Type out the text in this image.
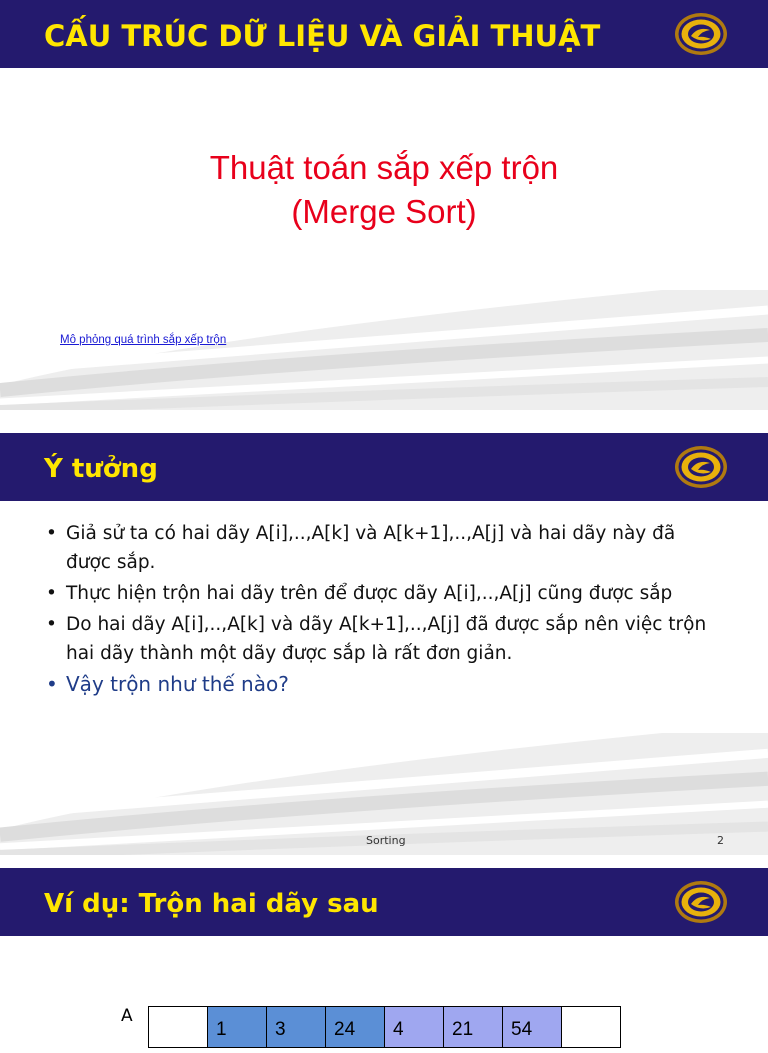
CẤU TRÚC DỮ LIỆU VÀ GIẢI THUẬT
Thuật toán sắp xếp trộn
(Merge Sort)
Mô phỏng quá trình sắp xếp trộn
Ý tưởng
• Giả sử ta có hai dãy A[i],..,A[k] và A[k+1],..,A[j] và hai dãy này đã được sắp.
• Thực hiện trộn hai dãy trên để được dãy A[i],..,A[j] cũng được sắp
• Do hai dãy A[i],..,A[k] và dãy A[k+1],..,A[j] đã được sắp nên việc trộn hai dãy thành một dãy được sắp là rất đơn giản.
• Vậy trộn như thế nào?
Sorting	2
Ví dụ: Trộn hai dãy sau
A
1	3	24	4	21	54
